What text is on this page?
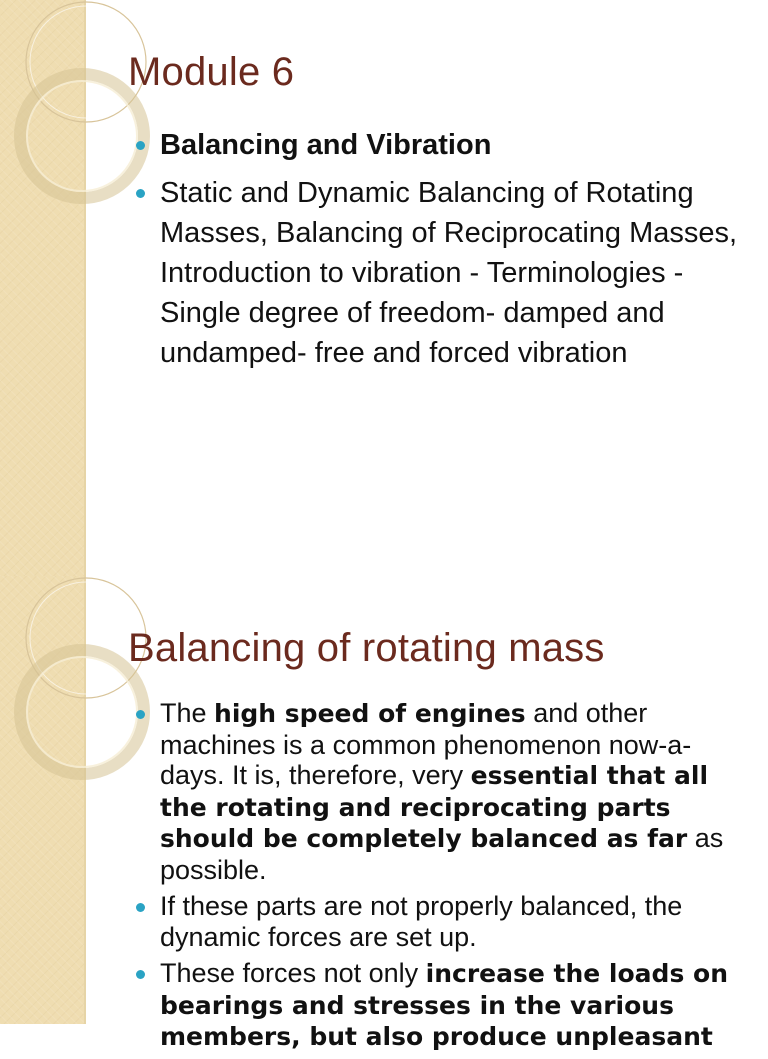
Module 6
Balancing and Vibration
Static and Dynamic Balancing of Rotating Masses, Balancing of Reciprocating Masses, Introduction to vibration - Terminologies - Single degree of freedom- damped and undamped- free and forced vibration
Balancing of rotating mass
The high speed of engines and other machines is a common phenomenon now-a-days. It is, therefore, very essential that all the rotating and reciprocating parts should be completely balanced as far as possible.
If these parts are not properly balanced, the dynamic forces are set up.
These forces not only increase the loads on bearings and stresses in the various members, but also produce unpleasant
